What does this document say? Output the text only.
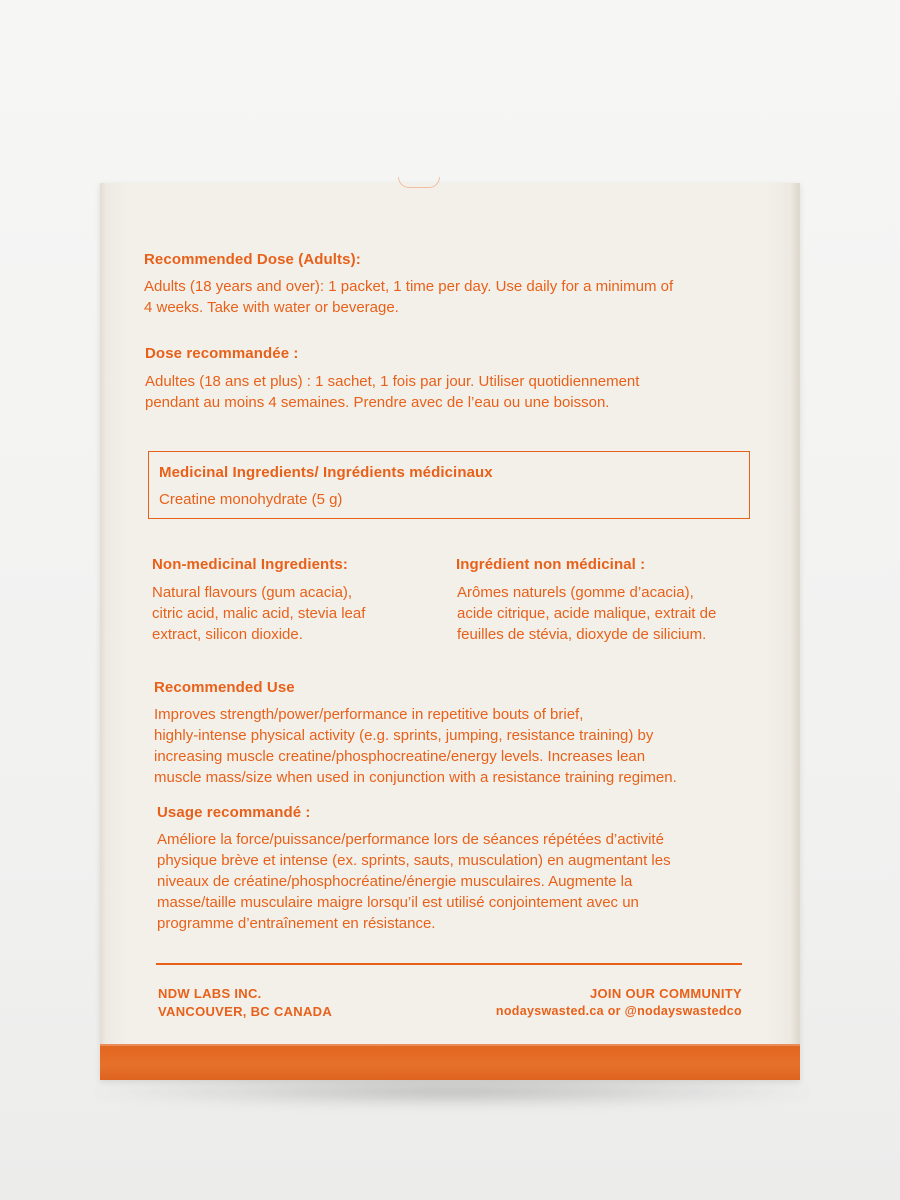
Recommended Dose (Adults):

Adults (18 years and over): 1 packet, 1 time per day. Use daily for a minimum of

4 weeks. Take with water or beverage.

Dose recommandée :

Adultes (18 ans et plus) : 1 sachet, 1 fois par jour. Utiliser quotidiennement

pendant au moins 4 semaines. Prendre avec de l’eau ou une boisson.

Medicinal Ingredients/ Ingrédients médicinaux

Creatine monohydrate (5 g)

Non-medicinal Ingredients:

Natural flavours (gum acacia),

citric acid, malic acid, stevia leaf

extract, silicon dioxide.

Ingrédient non médicinal :

Arômes naturels (gomme d’acacia),

acide citrique, acide malique, extrait de

feuilles de stévia, dioxyde de silicium.

Recommended Use

Improves strength/power/performance in repetitive bouts of brief,

highly-intense physical activity (e.g. sprints, jumping, resistance training) by

increasing muscle creatine/phosphocreatine/energy levels. Increases lean

muscle mass/size when used in conjunction with a resistance training regimen.

Usage recommandé :

Améliore la force/puissance/performance lors de séances répétées d’activité

physique brève et intense (ex. sprints, sauts, musculation) en augmentant les

niveaux de créatine/phosphocréatine/énergie musculaires. Augmente la

masse/taille musculaire maigre lorsqu’il est utilisé conjointement avec un

programme d’entraînement en résistance.

NDW LABS INC.

VANCOUVER, BC CANADA

JOIN OUR COMMUNITY

nodayswasted.ca or @nodayswastedco
